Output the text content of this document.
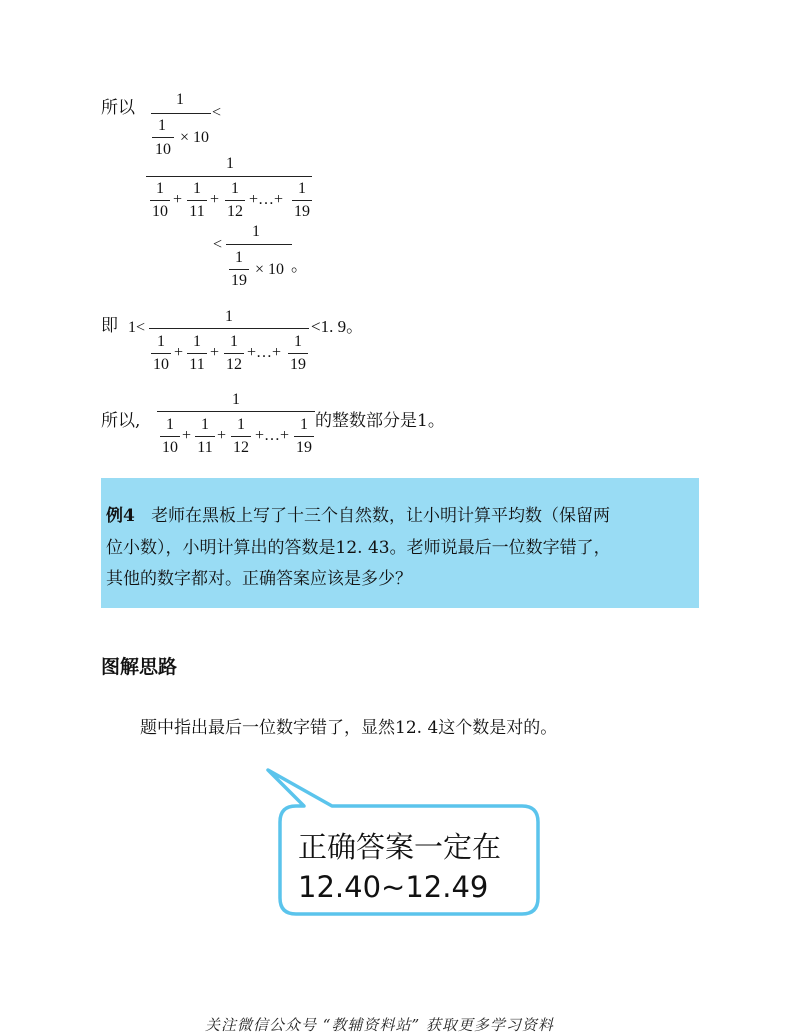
所以	1
<
1
10
× 10
1
1
10
+
1
11
+
1
12
+…+
1
19
<
1
1
19
× 10 。
即 1<
1
<1. 9。
1
10
+
1
11
+
1
12
+…+
1
19
所以,
1
的整数部分是1。
1
10
+
1
11
+
1
12
+…+
1
19
例4 老师在黑板上写了十三个自然数，让小明计算平均数（保留两
位小数），小明计算出的答数是12. 43。老师说最后一位数字错了，
其他的数字都对。正确答案应该是多少？
图解思路
题中指出最后一位数字错了，显然12. 4这个数是对的。
正确答案一定在
12.40~12.49
关注微信公众号 “教辅资料站” 获取更多学习资料
